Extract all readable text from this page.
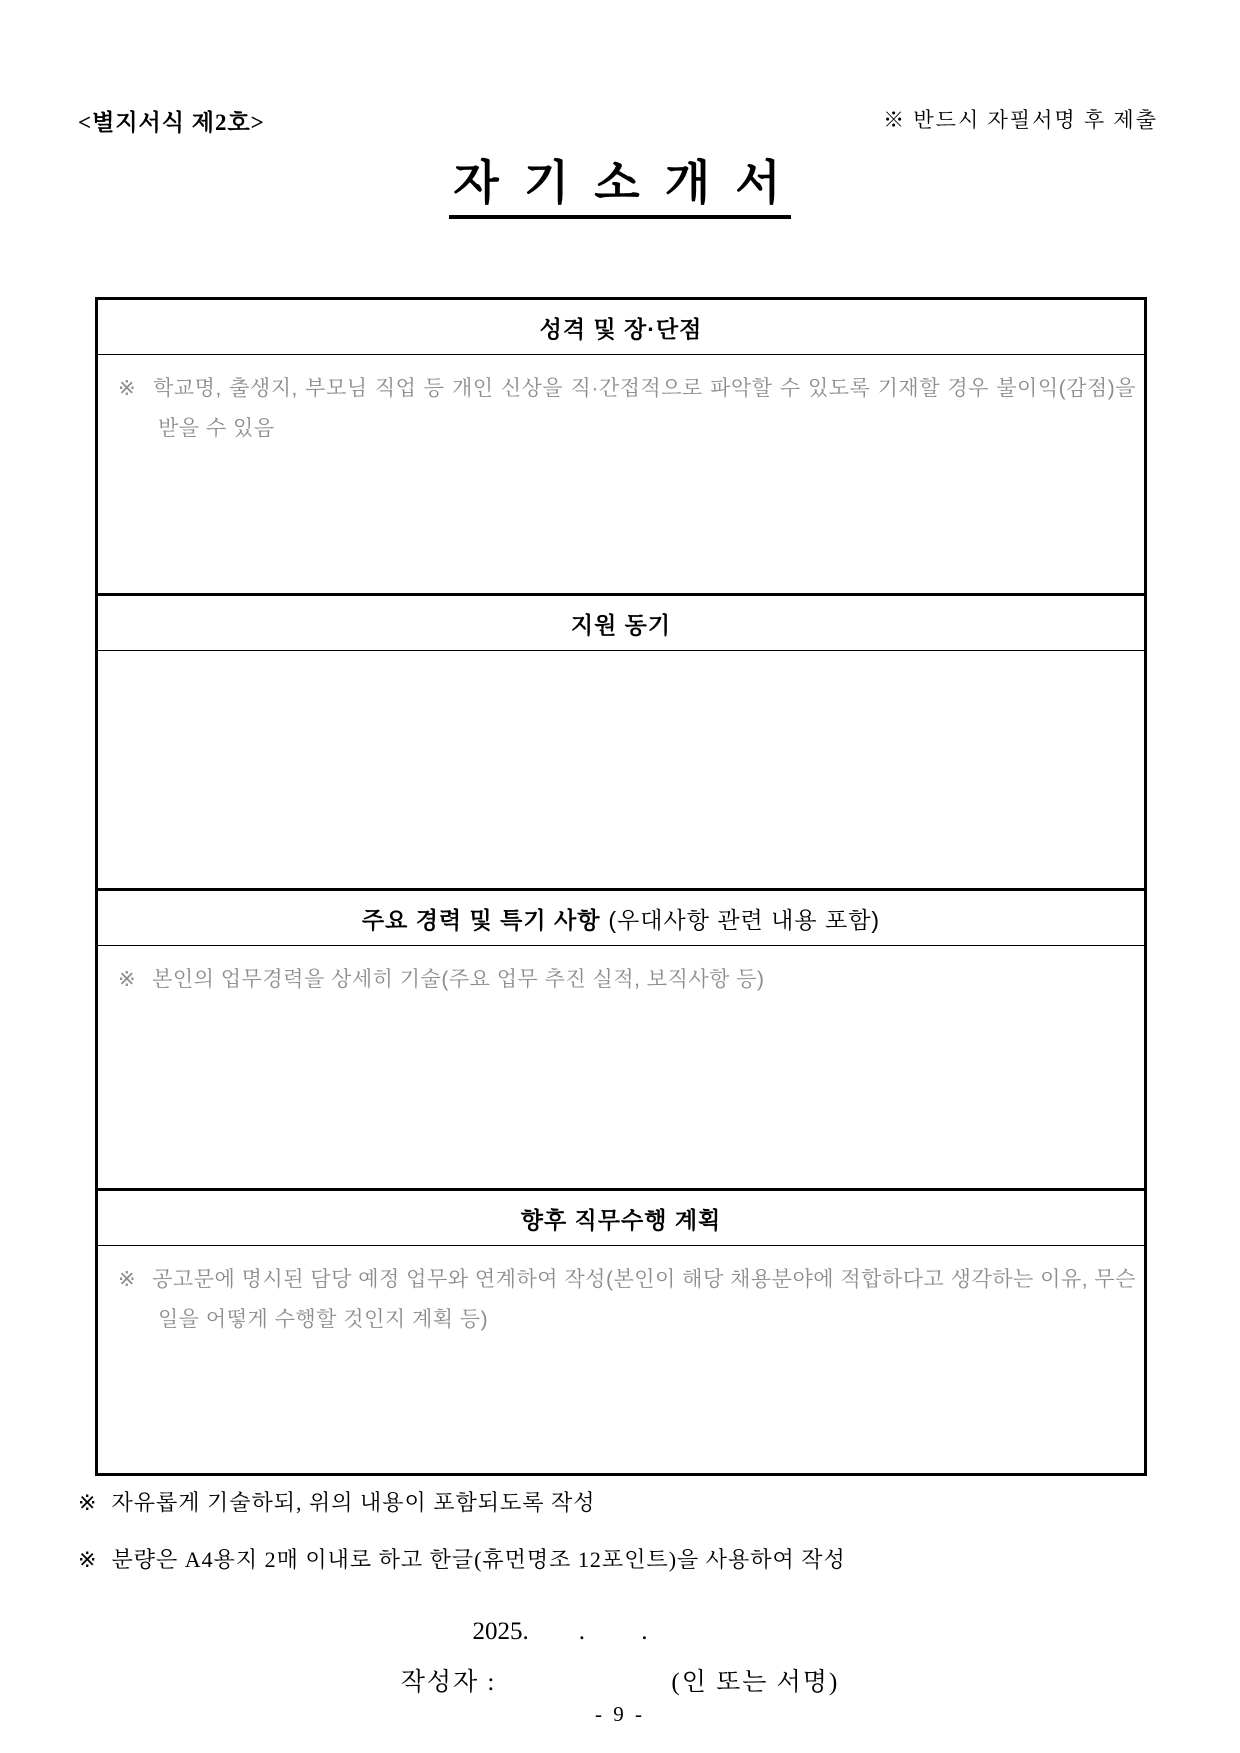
<별지서식 제2호>	※ 반드시 자필서명 후 제출
자 기 소 개 서
성격 및 장·단점
※ 학교명, 출생지, 부모님 직업 등 개인 신상을 직·간접적으로 파악할 수 있도록 기재할 경우 불이익(감점)을 받을 수 있음
지원 동기
주요 경력 및 특기 사항 (우대사항 관련 내용 포함)
※ 본인의 업무경력을 상세히 기술(주요 업무 추진 실적, 보직사항 등)
향후 직무수행 계획
※ 공고문에 명시된 담당 예정 업무와 연계하여 작성(본인이 해당 채용분야에 적합하다고 생각하는 이유, 무슨 일을 어떻게 수행할 것인지 계획 등)
※ 자유롭게 기술하되, 위의 내용이 포함되도록 작성
※ 분량은 A4용지 2매 이내로 하고 한글(휴먼명조 12포인트)을 사용하여 작성
2025.        .         .
작성자 :	(인 또는 서명)
- 9 -
